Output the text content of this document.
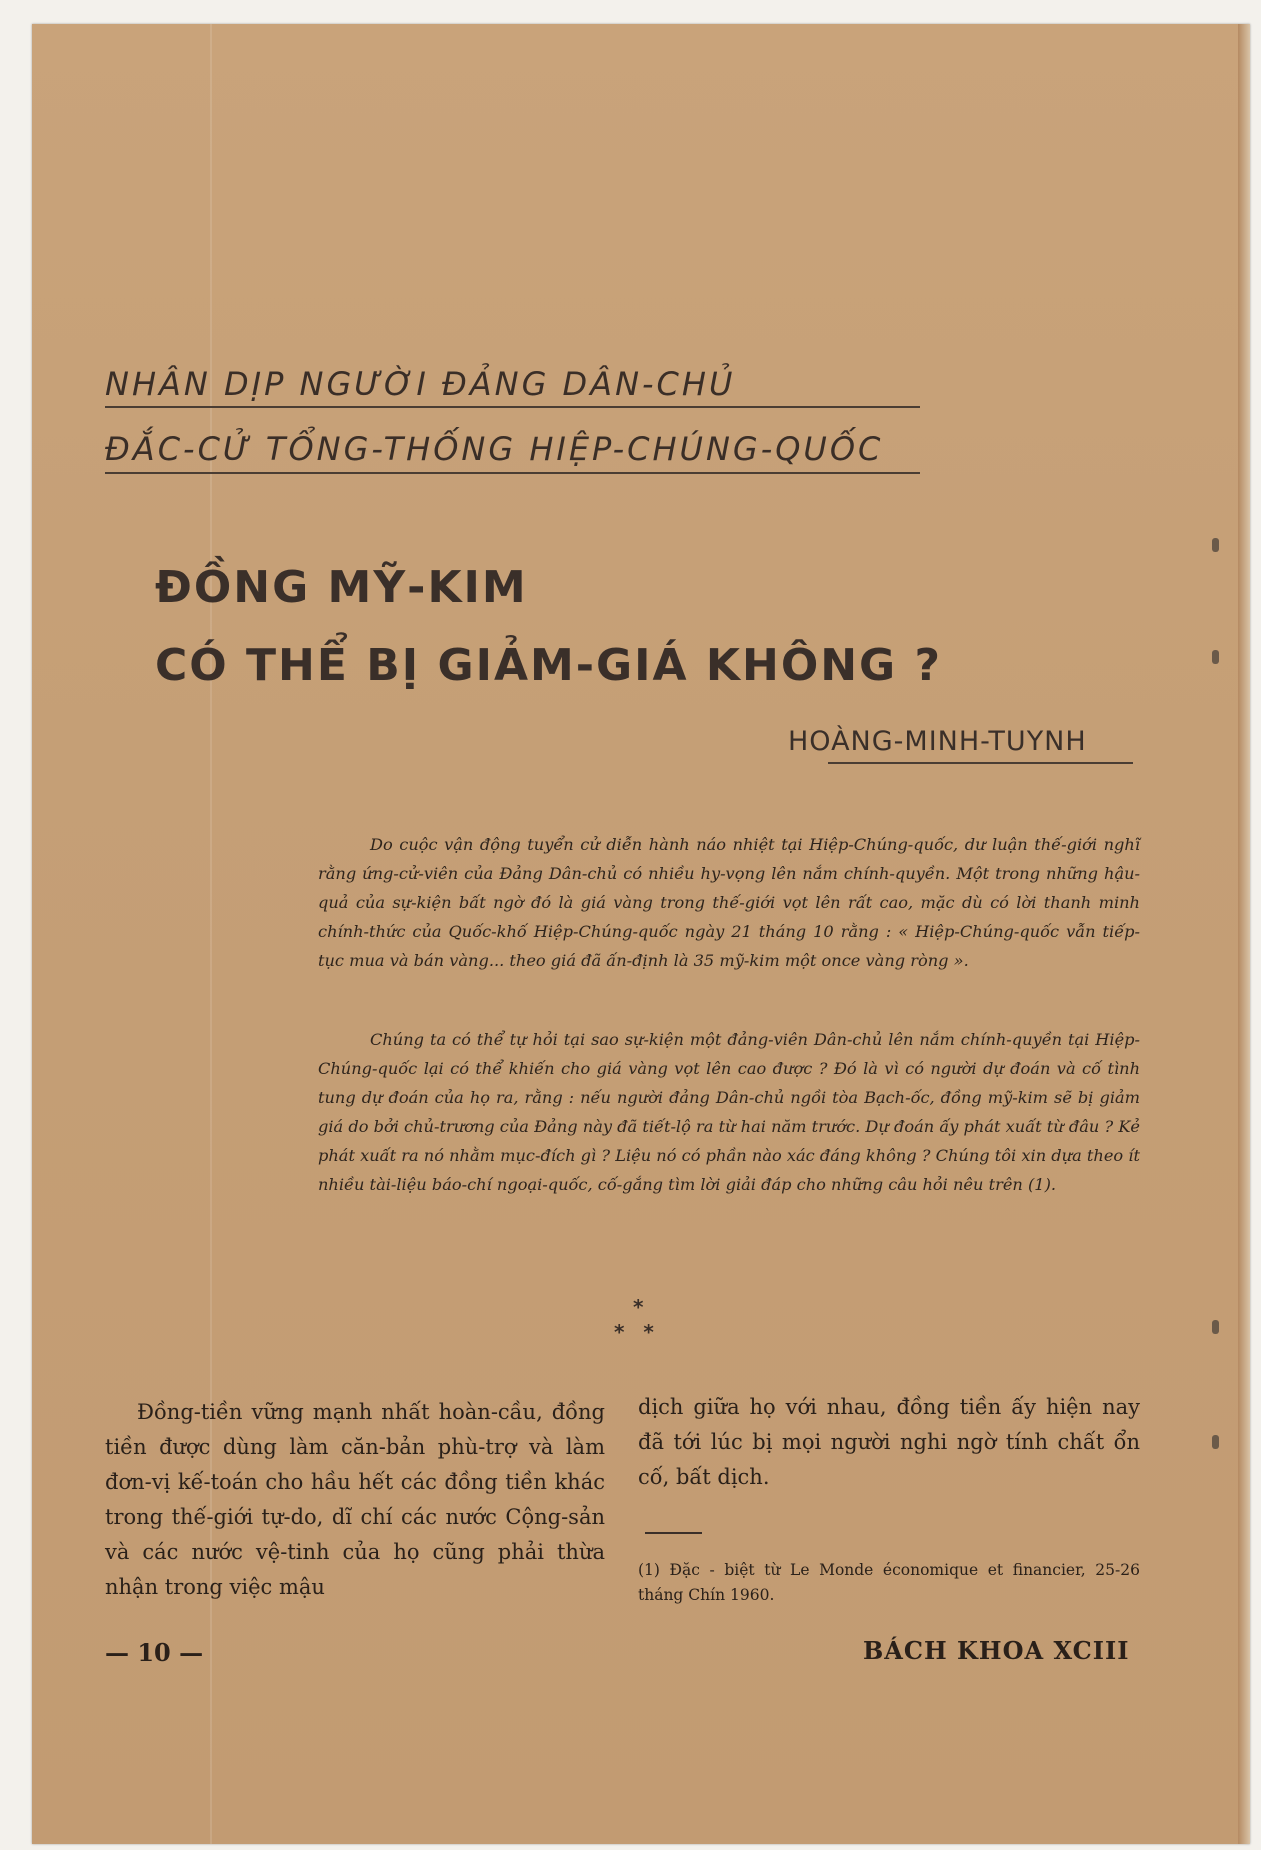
NHÂN DỊP NGƯỜI ĐẢNG DÂN-CHỦ
ĐẮC-CỬ TỔNG-THỐNG HIỆP-CHÚNG-QUỐC
ĐỒNG MỸ-KIM
CÓ THỂ BỊ GIẢM-GIÁ KHÔNG ?
HOÀNG-MINH-TUYNH

Do cuộc vận động tuyển cử diễn hành náo nhiệt tại Hiệp-Chúng-quốc, dư luận thế-giới nghĩ rằng ứng-cử-viên của Đảng Dân-chủ có nhiều hy-vọng lên nắm chính-quyền. Một trong những hậu-quả của sự-kiện bất ngờ đó là giá vàng trong thế-giới vọt lên rất cao, mặc dù có lời thanh minh chính-thức của Quốc-khố Hiệp-Chúng-quốc ngày 21 tháng 10 rằng : « Hiệp-Chúng-quốc vẫn tiếp-tục mua và bán vàng... theo giá đã ấn-định là 35 mỹ-kim một once vàng ròng ».

Chúng ta có thể tự hỏi tại sao sự-kiện một đảng-viên Dân-chủ lên nắm chính-quyền tại Hiệp-Chúng-quốc lại có thể khiến cho giá vàng vọt lên cao được ? Đó là vì có người dự đoán và cố tình tung dự đoán của họ ra, rằng : nếu người đảng Dân-chủ ngồi tòa Bạch-ốc, đồng mỹ-kim sẽ bị giảm giá do bởi chủ-trương của Đảng này đã tiết-lộ ra từ hai năm trước. Dự đoán ấy phát xuất từ đâu ? Kẻ phát xuất ra nó nhằm mục-đích gì ? Liệu nó có phần nào xác đáng không ? Chúng tôi xin dựa theo ít nhiều tài-liệu báo-chí ngoại-quốc, cố-gắng tìm lời giải đáp cho những câu hỏi nêu trên (1).

*
* *

Đồng-tiền vững mạnh nhất hoàn-cầu, đồng tiền được dùng làm căn-bản phù-trợ và làm đơn-vị kế-toán cho hầu hết các đồng tiền khác trong thế-giới tự-do, dĩ chí các nước Cộng-sản và các nước vệ-tinh của họ cũng phải thừa nhận trong việc mậu

dịch giữa họ với nhau, đồng tiền ấy hiện nay đã tới lúc bị mọi người nghi ngờ tính chất ổn cố, bất dịch.

(1) Đặc - biệt từ Le Monde économique et financier, 25-26 tháng Chín 1960.

— 10 —	BÁCH KHOA XCIII
